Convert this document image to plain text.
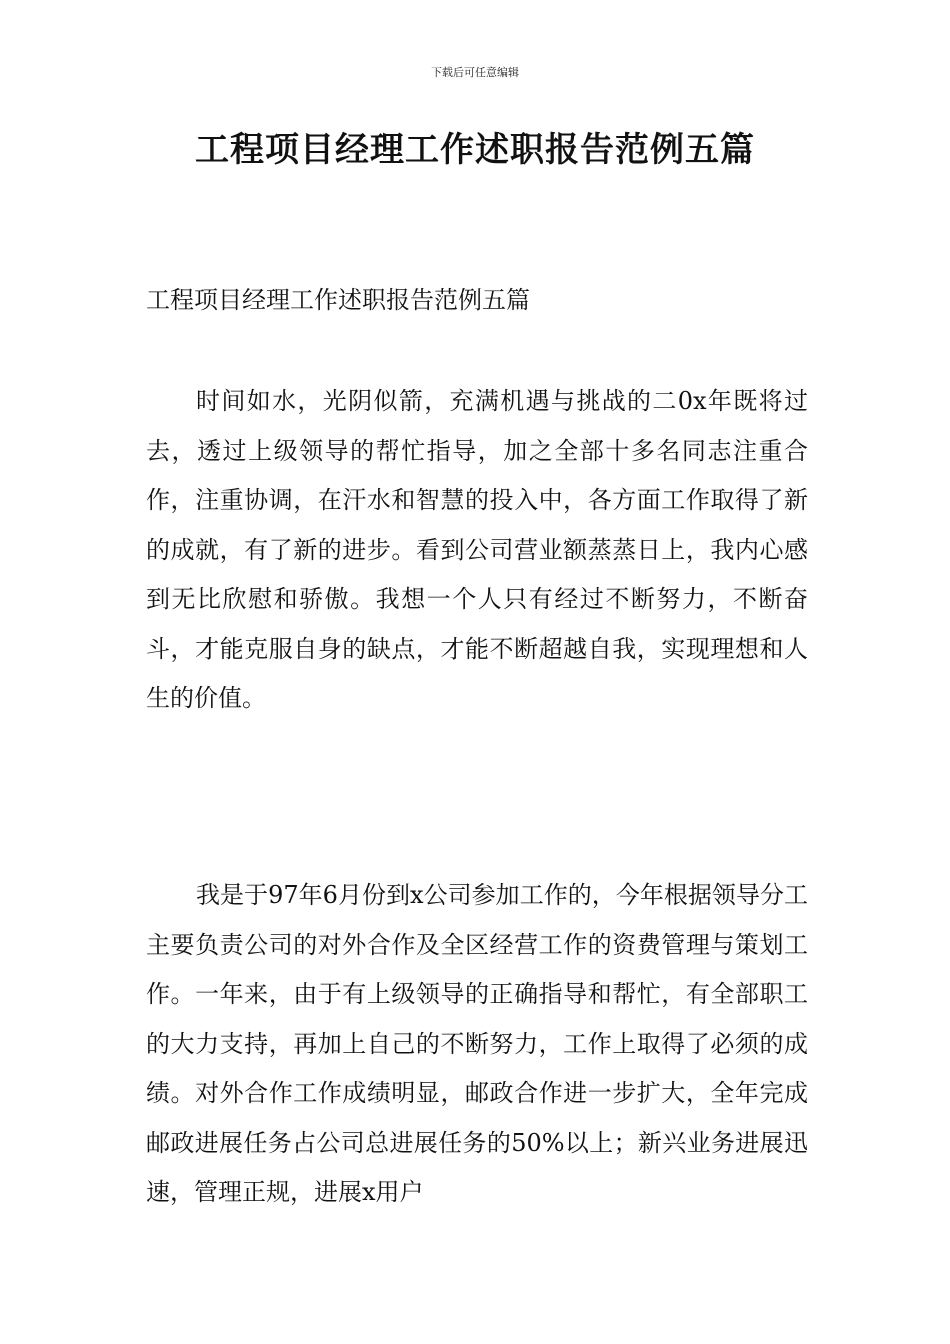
下载后可任意编辑
工程项目经理工作述职报告范例五篇

工程项目经理工作述职报告范例五篇

时间如水，光阴似箭，充满机遇与挑战的二0x年既将过去，透过上级领导的帮忙指导，加之全部十多名同志注重合作，注重协调，在汗水和智慧的投入中，各方面工作取得了新的成就，有了新的进步。看到公司营业额蒸蒸日上，我内心感到无比欣慰和骄傲。我想一个人只有经过不断努力，不断奋斗，才能克服自身的缺点，才能不断超越自我，实现理想和人生的价值。

我是于97年6月份到x公司参加工作的，今年根据领导分工主要负责公司的对外合作及全区经营工作的资费管理与策划工作。一年来，由于有上级领导的正确指导和帮忙，有全部职工的大力支持，再加上自己的不断努力，工作上取得了必须的成绩。对外合作工作成绩明显，邮政合作进一步扩大，全年完成邮政进展任务占公司总进展任务的50%以上；新兴业务进展迅速，管理正规，进展x用户
